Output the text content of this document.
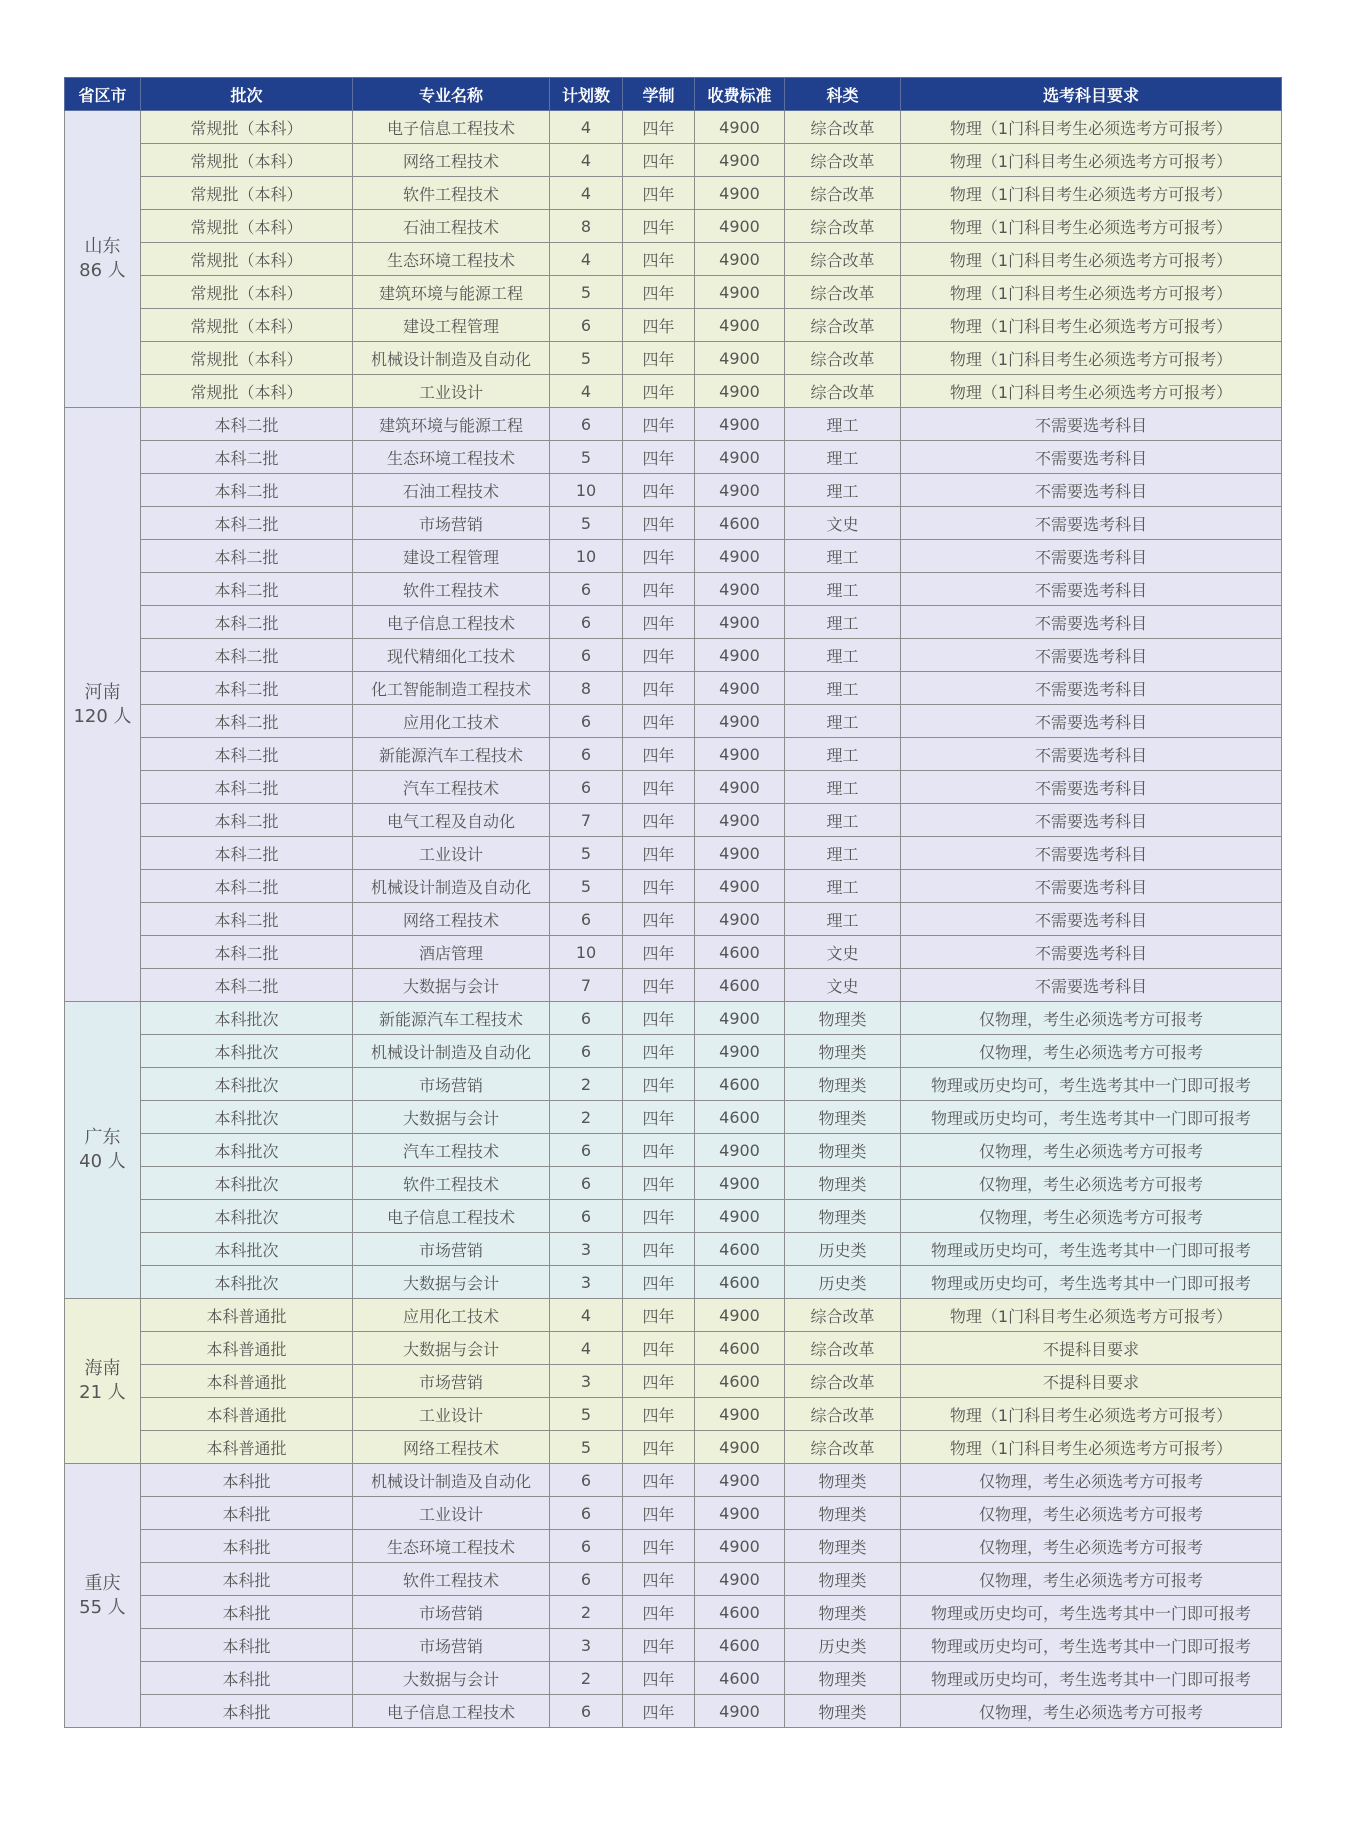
省区市	批次	专业名称	计划数	学制	收费标准	科类	选考科目要求

山东
86 人	常规批（本科）	电子信息工程技术	4	四年	4900	综合改革	物理（1门科目考生必须选考方可报考）
	常规批（本科）	网络工程技术	4	四年	4900	综合改革	物理（1门科目考生必须选考方可报考）
	常规批（本科）	软件工程技术	4	四年	4900	综合改革	物理（1门科目考生必须选考方可报考）
	常规批（本科）	石油工程技术	8	四年	4900	综合改革	物理（1门科目考生必须选考方可报考）
	常规批（本科）	生态环境工程技术	4	四年	4900	综合改革	物理（1门科目考生必须选考方可报考）
	常规批（本科）	建筑环境与能源工程	5	四年	4900	综合改革	物理（1门科目考生必须选考方可报考）
	常规批（本科）	建设工程管理	6	四年	4900	综合改革	物理（1门科目考生必须选考方可报考）
	常规批（本科）	机械设计制造及自动化	5	四年	4900	综合改革	物理（1门科目考生必须选考方可报考）
	常规批（本科）	工业设计	4	四年	4900	综合改革	物理（1门科目考生必须选考方可报考）

河南
120 人	本科二批	建筑环境与能源工程	6	四年	4900	理工	不需要选考科目
	本科二批	生态环境工程技术	5	四年	4900	理工	不需要选考科目
	本科二批	石油工程技术	10	四年	4900	理工	不需要选考科目
	本科二批	市场营销	5	四年	4600	文史	不需要选考科目
	本科二批	建设工程管理	10	四年	4900	理工	不需要选考科目
	本科二批	软件工程技术	6	四年	4900	理工	不需要选考科目
	本科二批	电子信息工程技术	6	四年	4900	理工	不需要选考科目
	本科二批	现代精细化工技术	6	四年	4900	理工	不需要选考科目
	本科二批	化工智能制造工程技术	8	四年	4900	理工	不需要选考科目
	本科二批	应用化工技术	6	四年	4900	理工	不需要选考科目
	本科二批	新能源汽车工程技术	6	四年	4900	理工	不需要选考科目
	本科二批	汽车工程技术	6	四年	4900	理工	不需要选考科目
	本科二批	电气工程及自动化	7	四年	4900	理工	不需要选考科目
	本科二批	工业设计	5	四年	4900	理工	不需要选考科目
	本科二批	机械设计制造及自动化	5	四年	4900	理工	不需要选考科目
	本科二批	网络工程技术	6	四年	4900	理工	不需要选考科目
	本科二批	酒店管理	10	四年	4600	文史	不需要选考科目
	本科二批	大数据与会计	7	四年	4600	文史	不需要选考科目

广东
40 人	本科批次	新能源汽车工程技术	6	四年	4900	物理类	仅物理，考生必须选考方可报考
	本科批次	机械设计制造及自动化	6	四年	4900	物理类	仅物理，考生必须选考方可报考
	本科批次	市场营销	2	四年	4600	物理类	物理或历史均可，考生选考其中一门即可报考
	本科批次	大数据与会计	2	四年	4600	物理类	物理或历史均可，考生选考其中一门即可报考
	本科批次	汽车工程技术	6	四年	4900	物理类	仅物理，考生必须选考方可报考
	本科批次	软件工程技术	6	四年	4900	物理类	仅物理，考生必须选考方可报考
	本科批次	电子信息工程技术	6	四年	4900	物理类	仅物理，考生必须选考方可报考
	本科批次	市场营销	3	四年	4600	历史类	物理或历史均可，考生选考其中一门即可报考
	本科批次	大数据与会计	3	四年	4600	历史类	物理或历史均可，考生选考其中一门即可报考

海南
21 人	本科普通批	应用化工技术	4	四年	4900	综合改革	物理（1门科目考生必须选考方可报考）
	本科普通批	大数据与会计	4	四年	4600	综合改革	不提科目要求
	本科普通批	市场营销	3	四年	4600	综合改革	不提科目要求
	本科普通批	工业设计	5	四年	4900	综合改革	物理（1门科目考生必须选考方可报考）
	本科普通批	网络工程技术	5	四年	4900	综合改革	物理（1门科目考生必须选考方可报考）

重庆
55 人	本科批	机械设计制造及自动化	6	四年	4900	物理类	仅物理，考生必须选考方可报考
	本科批	工业设计	6	四年	4900	物理类	仅物理，考生必须选考方可报考
	本科批	生态环境工程技术	6	四年	4900	物理类	仅物理，考生必须选考方可报考
	本科批	软件工程技术	6	四年	4900	物理类	仅物理，考生必须选考方可报考
	本科批	市场营销	2	四年	4600	物理类	物理或历史均可，考生选考其中一门即可报考
	本科批	市场营销	3	四年	4600	历史类	物理或历史均可，考生选考其中一门即可报考
	本科批	大数据与会计	2	四年	4600	物理类	物理或历史均可，考生选考其中一门即可报考
	本科批	电子信息工程技术	6	四年	4900	物理类	仅物理，考生必须选考方可报考
